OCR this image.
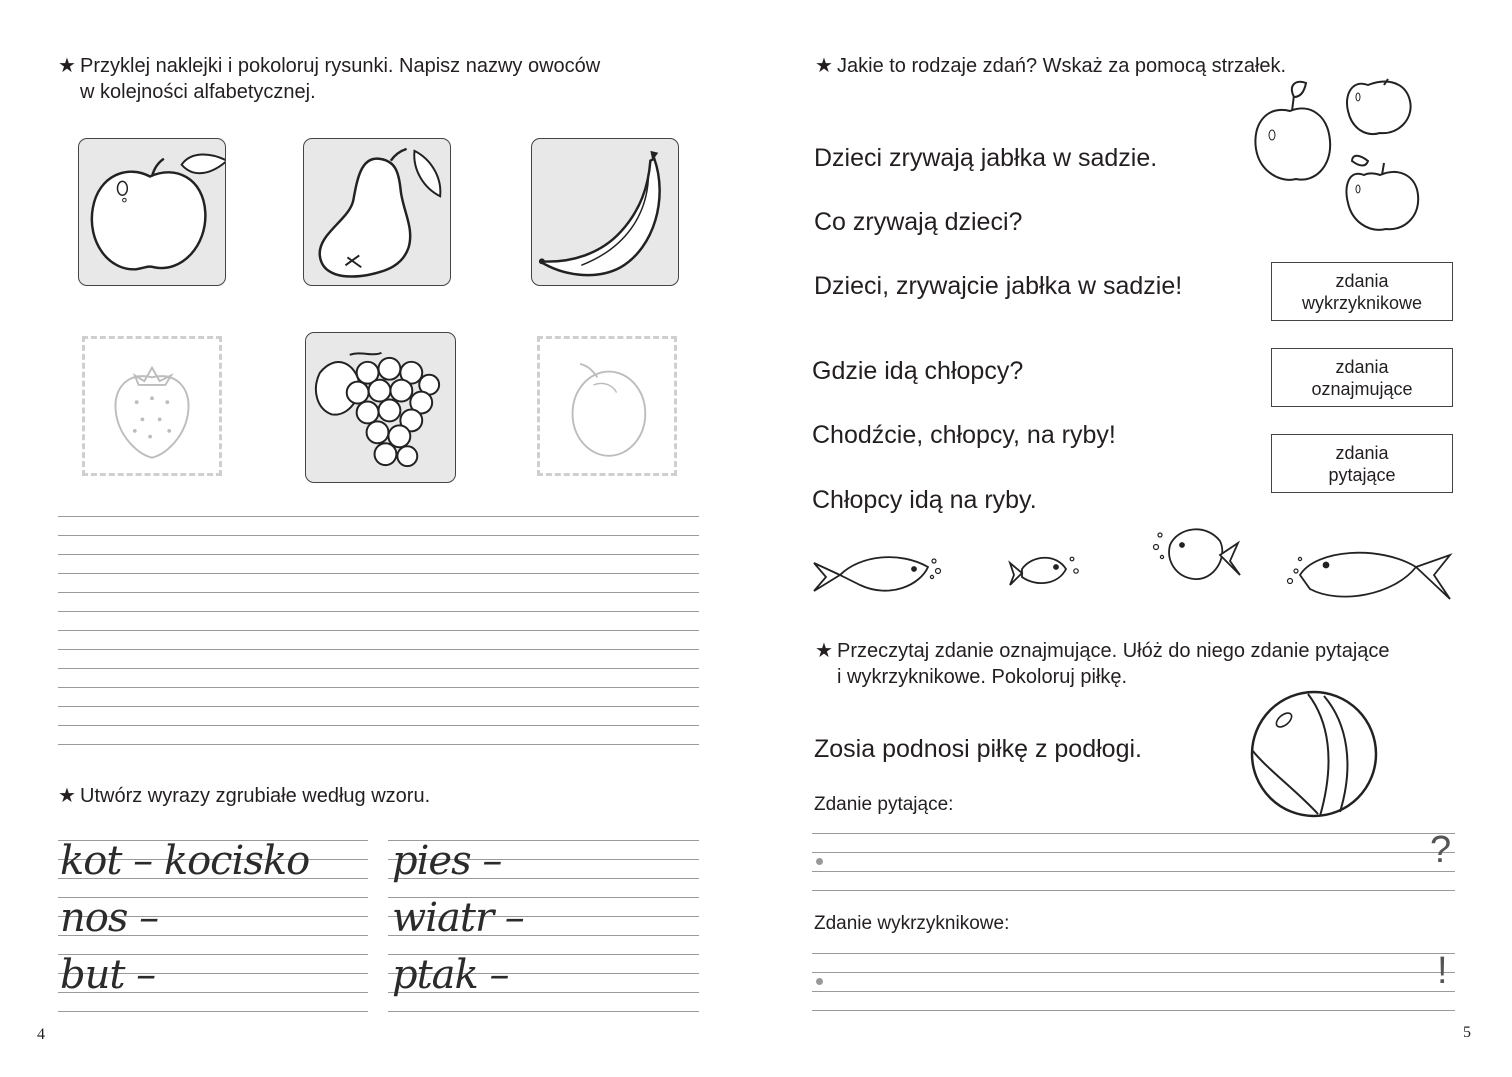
★ Przyklej naklejki i pokoloruj rysunki. Napisz nazwy owoców
w kolejności alfabetycznej.
★ Utwórz wyrazy zgrubiałe według wzoru.
kot – kocisko
nos –
but –
pies –
wiatr –
ptak –
4
★ Jakie to rodzaje zdań? Wskaż za pomocą strzałek.
Dzieci zrywają jabłka w sadzie.
Co zrywają dzieci?
Dzieci, zrywajcie jabłka w sadzie!
Gdzie idą chłopcy?
Chodźcie, chłopcy, na ryby!
Chłopcy idą na ryby.
zdania
wykrzyknikowe
zdania
oznajmujące
zdania
pytające
★ Przeczytaj zdanie oznajmujące. Ułóż do niego zdanie pytające
i wykrzyknikowe. Pokoloruj piłkę.
Zosia podnosi piłkę z podłogi.
Zdanie pytające:
?
Zdanie wykrzyknikowe:
!
5
